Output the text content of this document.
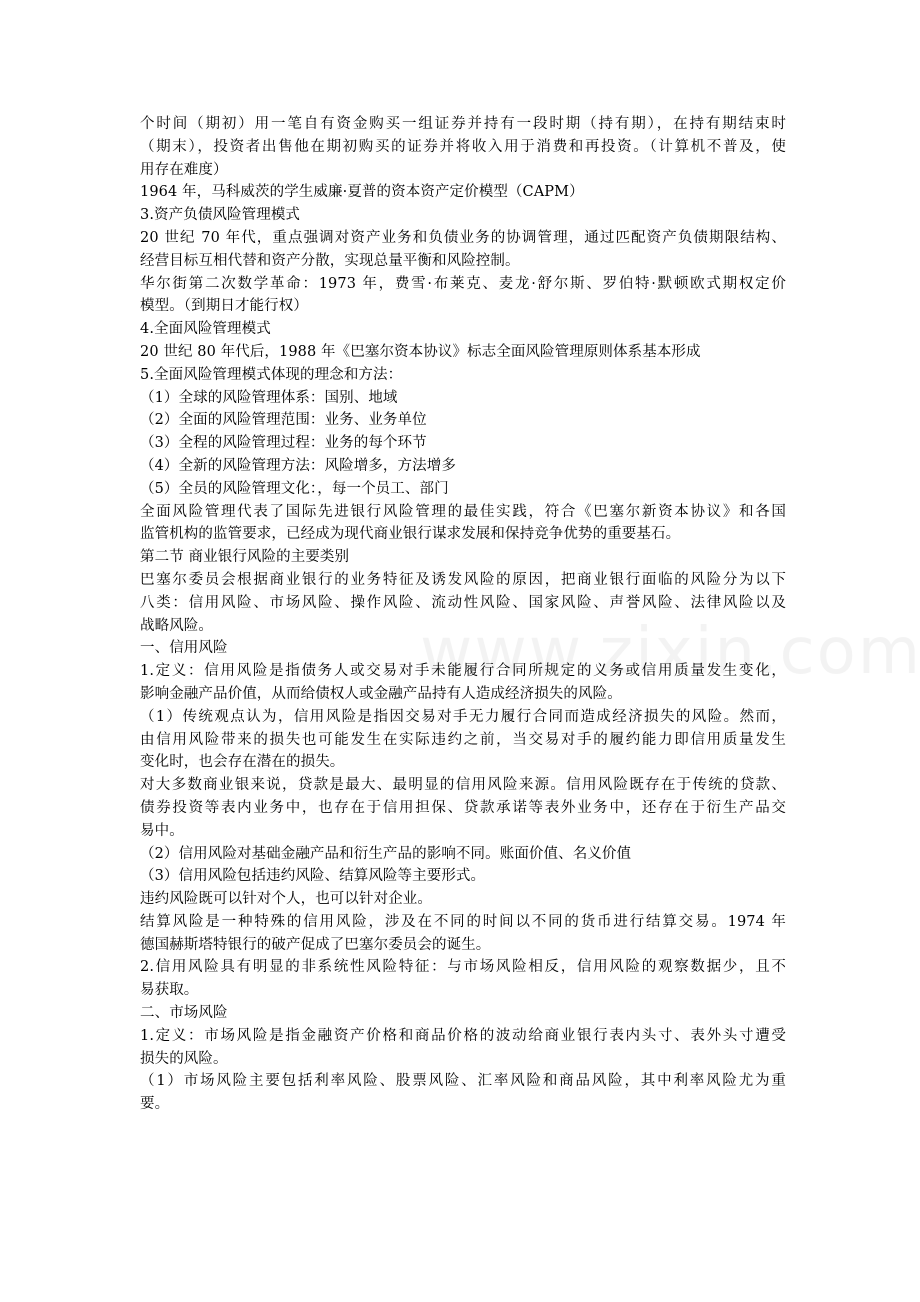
个时间（期初）用一笔自有资金购买一组证券并持有一段时期（持有期），在持有期结束时
（期末），投资者出售他在期初购买的证券并将收入用于消费和再投资。（计算机不普及，使
用存在难度）
1964 年，马科威茨的学生威廉·夏普的资本资产定价模型（CAPM）
3.资产负债风险管理模式
20 世纪 70 年代，重点强调对资产业务和负债业务的协调管理，通过匹配资产负债期限结构、
经营目标互相代替和资产分散，实现总量平衡和风险控制。
华尔街第二次数学革命：1973 年，费雪·布莱克、麦龙·舒尔斯、罗伯特·默顿欧式期权定价
模型。（到期日才能行权）
4.全面风险管理模式
20 世纪 80 年代后，1988 年《巴塞尔资本协议》标志全面风险管理原则体系基本形成
5.全面风险管理模式体现的理念和方法：
（1）全球的风险管理体系：国别、地域
（2）全面的风险管理范围：业务、业务单位
（3）全程的风险管理过程：业务的每个环节
（4）全新的风险管理方法：风险增多，方法增多
（5）全员的风险管理文化：，每一个员工、部门
全面风险管理代表了国际先进银行风险管理的最佳实践，符合《巴塞尔新资本协议》和各国
监管机构的监管要求，已经成为现代商业银行谋求发展和保持竞争优势的重要基石。
第二节 商业银行风险的主要类别
巴塞尔委员会根据商业银行的业务特征及诱发风险的原因，把商业银行面临的风险分为以下
八类：信用风险、市场风险、操作风险、流动性风险、国家风险、声誉风险、法律风险以及
战略风险。
一、信用风险
1.定义：信用风险是指债务人或交易对手未能履行合同所规定的义务或信用质量发生变化，
影响金融产品价值，从而给债权人或金融产品持有人造成经济损失的风险。
（1）传统观点认为，信用风险是指因交易对手无力履行合同而造成经济损失的风险。然而，
由信用风险带来的损失也可能发生在实际违约之前，当交易对手的履约能力即信用质量发生
变化时，也会存在潜在的损失。
对大多数商业银来说，贷款是最大、最明显的信用风险来源。信用风险既存在于传统的贷款、
债券投资等表内业务中，也存在于信用担保、贷款承诺等表外业务中，还存在于衍生产品交
易中。
（2）信用风险对基础金融产品和衍生产品的影响不同。账面价值、名义价值
（3）信用风险包括违约风险、结算风险等主要形式。
违约风险既可以针对个人，也可以针对企业。
结算风险是一种特殊的信用风险，涉及在不同的时间以不同的货币进行结算交易。1974 年
德国赫斯塔特银行的破产促成了巴塞尔委员会的诞生。
2.信用风险具有明显的非系统性风险特征：与市场风险相反，信用风险的观察数据少，且不
易获取。
二、市场风险
1.定义：市场风险是指金融资产价格和商品价格的波动给商业银行表内头寸、表外头寸遭受
损失的风险。
（1）市场风险主要包括利率风险、股票风险、汇率风险和商品风险，其中利率风险尤为重
要。
